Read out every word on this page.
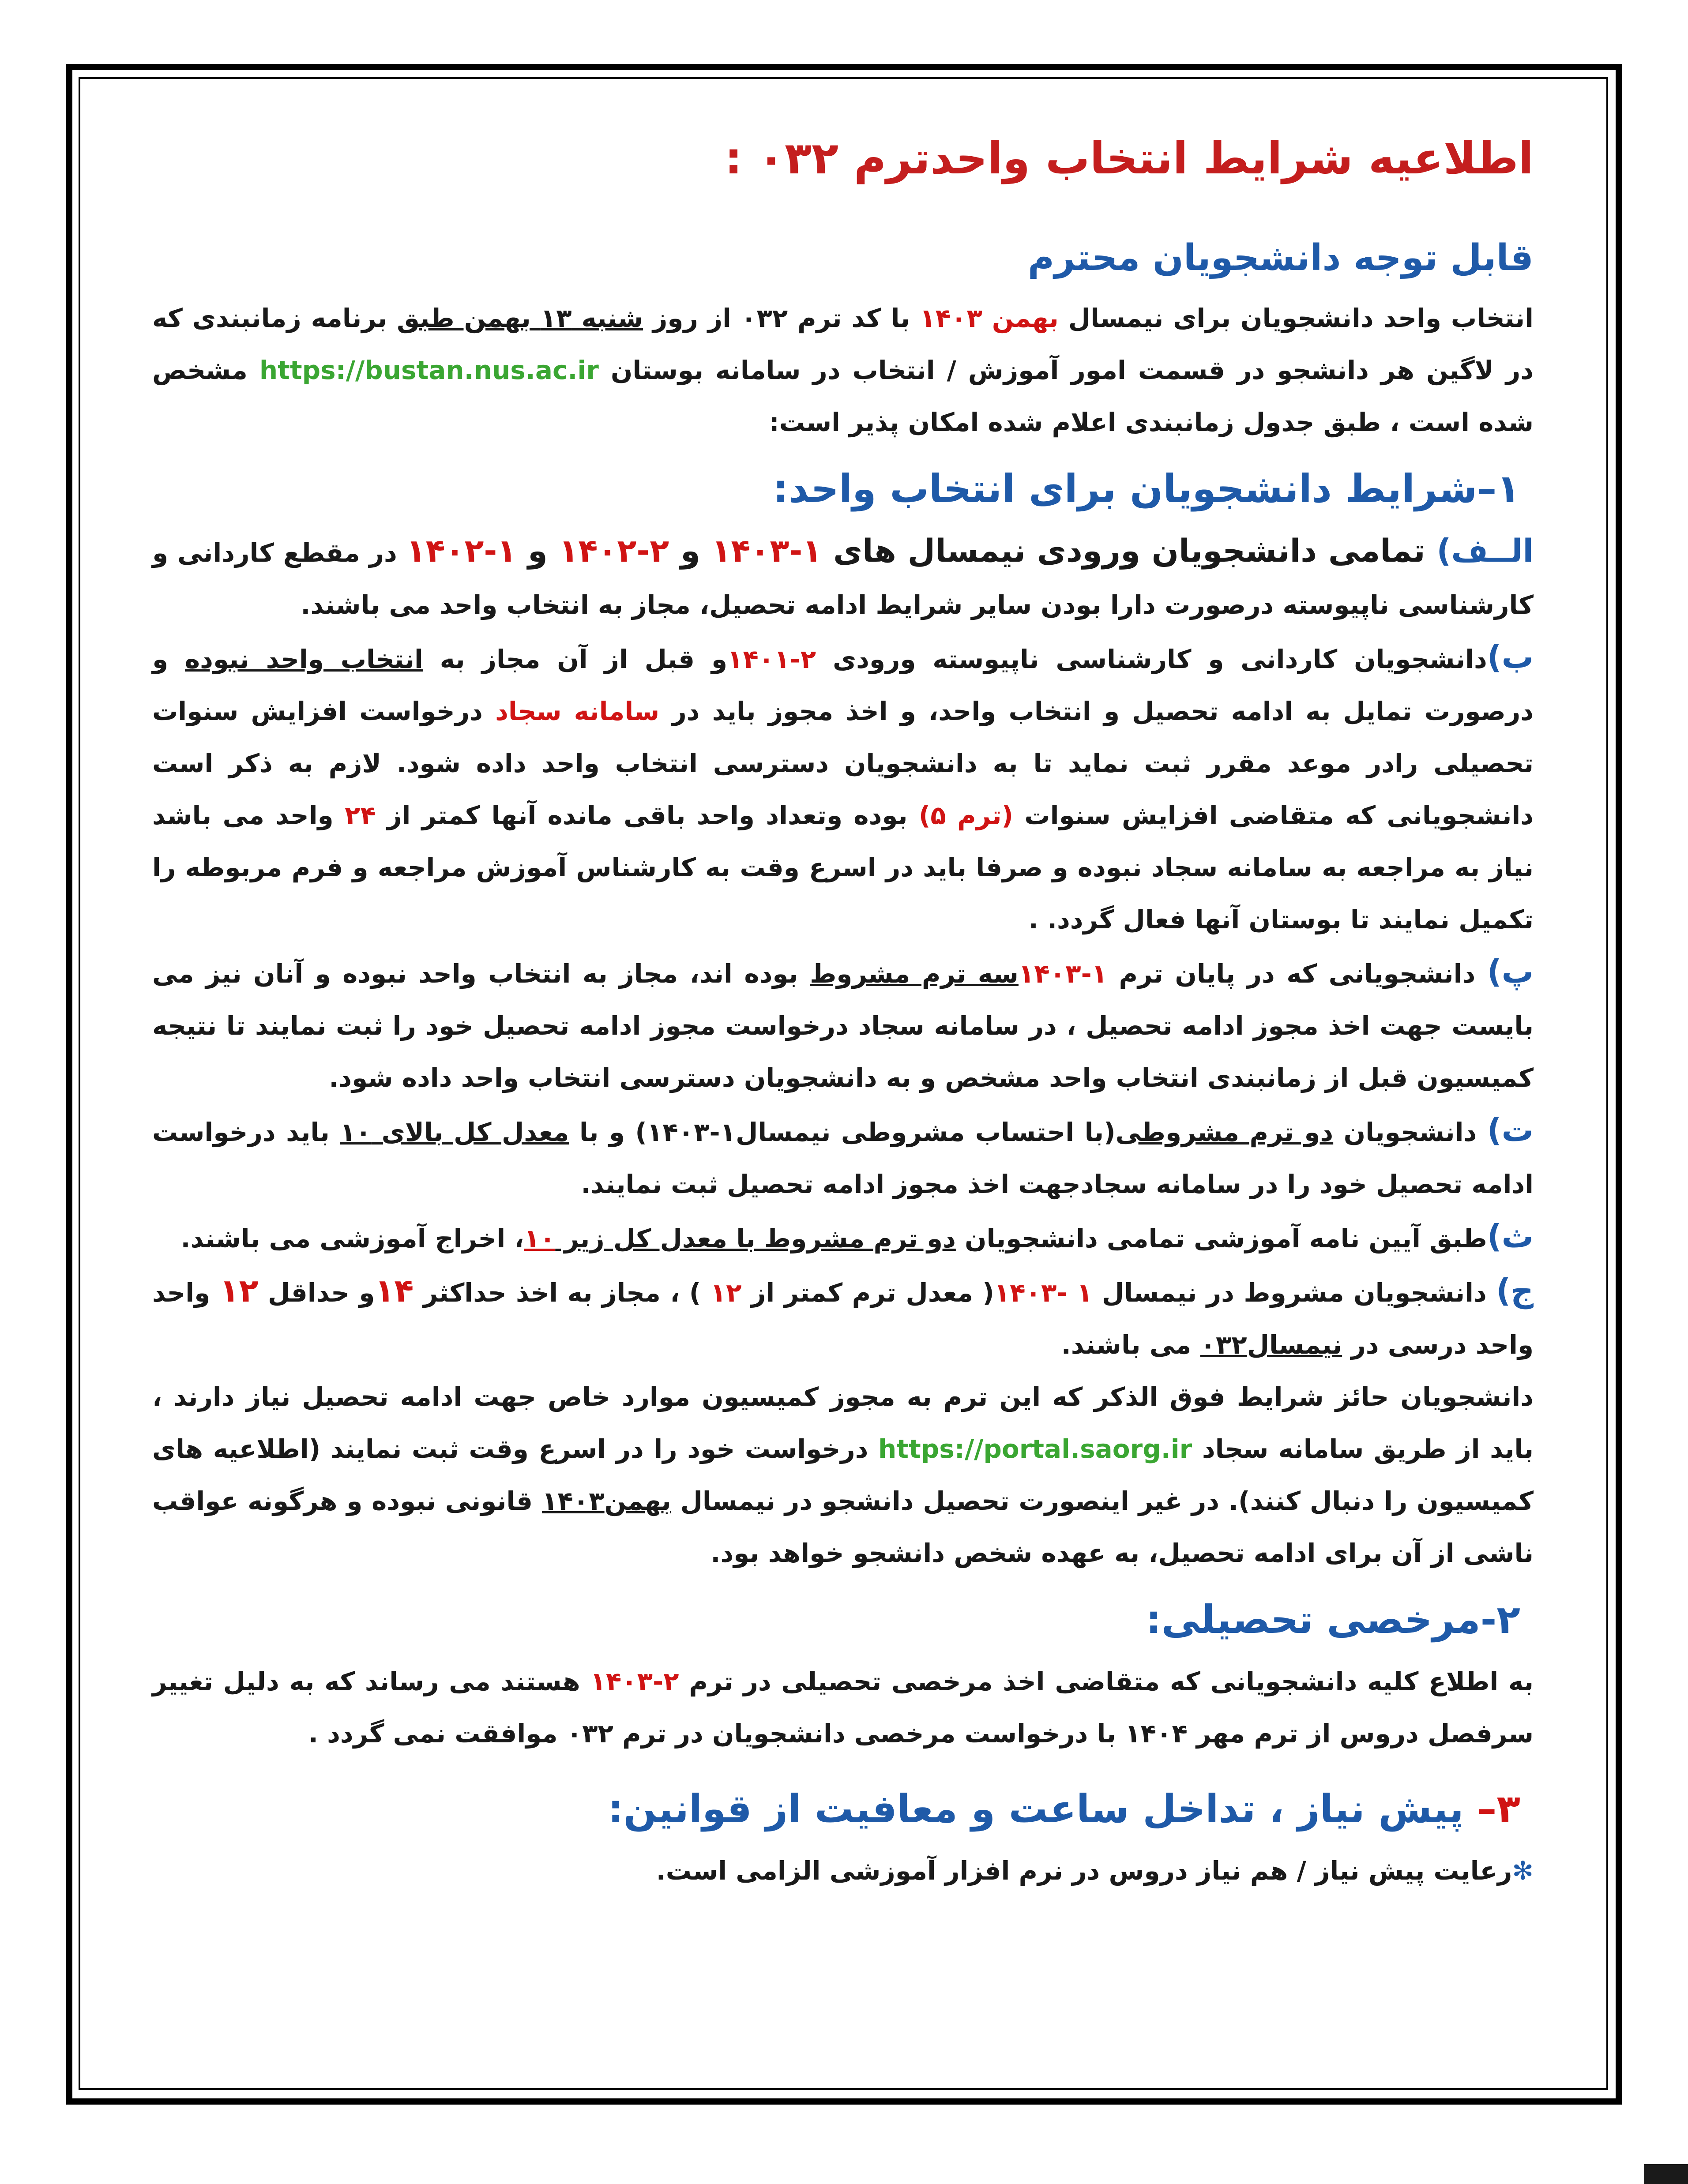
اطلاعیه شرایط انتخاب واحدترم ۰۳۲ :
قابل توجه دانشجویان محترم

انتخاب واحد دانشجویان برای نیمسال بهمن ۱۴۰۳ با کد ترم ۰۳۲ از روز شنبه ۱۳ بهمن طبق برنامه زمانبندی که در لاگین هر دانشجو در قسمت امور آموزش / انتخاب در سامانه بوستان https://bustan.nus.ac.ir مشخص شده است ، طبق جدول زمانبندی اعلام شده امکان پذیر است:

۱–شرایط دانشجویان برای انتخاب واحد:

الــف) تمامی دانشجویان ورودی نیمسال های ۱-۱۴۰۳ و ۲-۱۴۰۲ و ۱-۱۴۰۲ در مقطع کاردانی و کارشناسی ناپیوسته درصورت دارا بودن سایر شرایط ادامه تحصیل، مجاز به انتخاب واحد می باشند.

ب)دانشجویان کاردانی و کارشناسی ناپیوسته ورودی ۲-۱۴۰۱و قبل از آن مجاز به انتخاب واحد نبوده و درصورت تمایل به ادامه تحصیل و انتخاب واحد، و اخذ مجوز باید در سامانه سجاد درخواست افزایش سنوات تحصیلی رادر موعد مقرر ثبت نماید تا به دانشجویان دسترسی انتخاب واحد داده شود. لازم به ذکر است دانشجویانی که متقاضی افزایش سنوات (ترم ۵) بوده وتعداد واحد باقی مانده آنها کمتر از ۲۴ واحد می باشد نیاز به مراجعه به سامانه سجاد نبوده و صرفا باید در اسرع وقت به کارشناس آموزش مراجعه و فرم مربوطه را تکمیل نمایند تا بوستان آنها فعال گردد. .

پ) دانشجویانی که در پایان ترم ۱-۱۴۰۳سه ترم مشروط بوده اند، مجاز به انتخاب واحد نبوده و آنان نیز می بایست جهت اخذ مجوز ادامه تحصیل ، در سامانه سجاد درخواست مجوز ادامه تحصیل خود را ثبت نمایند تا نتیجه کمیسیون قبل از زمانبندی انتخاب واحد مشخص و به دانشجویان دسترسی انتخاب واحد داده شود.

ت) دانشجویان دو ترم مشروطی(با احتساب مشروطی نیمسال۱-۱۴۰۳) و با معدل کل بالای ۱۰ باید درخواست ادامه تحصیل خود را در سامانه سجادجهت اخذ مجوز ادامه تحصیل ثبت نمایند.

ث)طبق آیین نامه آموزشی تمامی دانشجویان دو ترم مشروط با معدل کل زیر ۱۰، اخراج آموزشی می باشند.

ج) دانشجویان مشروط در نیمسال ۱ -۱۴۰۳( معدل ترم کمتر از ۱۲ ) ، مجاز به اخذ حداکثر ۱۴و حداقل ۱۲ واحد واحد درسی در نیمسال۰۳۲ می باشند.

دانشجویان حائز شرایط فوق الذکر که این ترم به مجوز کمیسیون موارد خاص جهت ادامه تحصیل نیاز دارند ، باید از طریق سامانه سجاد https://portal.saorg.ir درخواست خود را در اسرع وقت ثبت نمایند (اطلاعیه های کمیسیون را دنبال کنند). در غیر اینصورت تحصیل دانشجو در نیمسال بهمن۱۴۰۳ قانونی نبوده و هرگونه عواقب ناشی از آن برای ادامه تحصیل، به عهده شخص دانشجو خواهد بود.

۲-مرخصی تحصیلی:

به اطلاع کلیه دانشجویانی که متقاضی اخذ مرخصی تحصیلی در ترم ۲-۱۴۰۳ هستند می رساند که به دلیل تغییر سرفصل دروس از ترم مهر ۱۴۰۴ با درخواست مرخصی دانشجویان در ترم ۰۳۲ موافقت نمی گردد .

۳– پیش نیاز ، تداخل ساعت و معافیت از قوانین:

✻رعایت پیش نیاز / هم نیاز دروس در نرم افزار آموزشی الزامی است.
